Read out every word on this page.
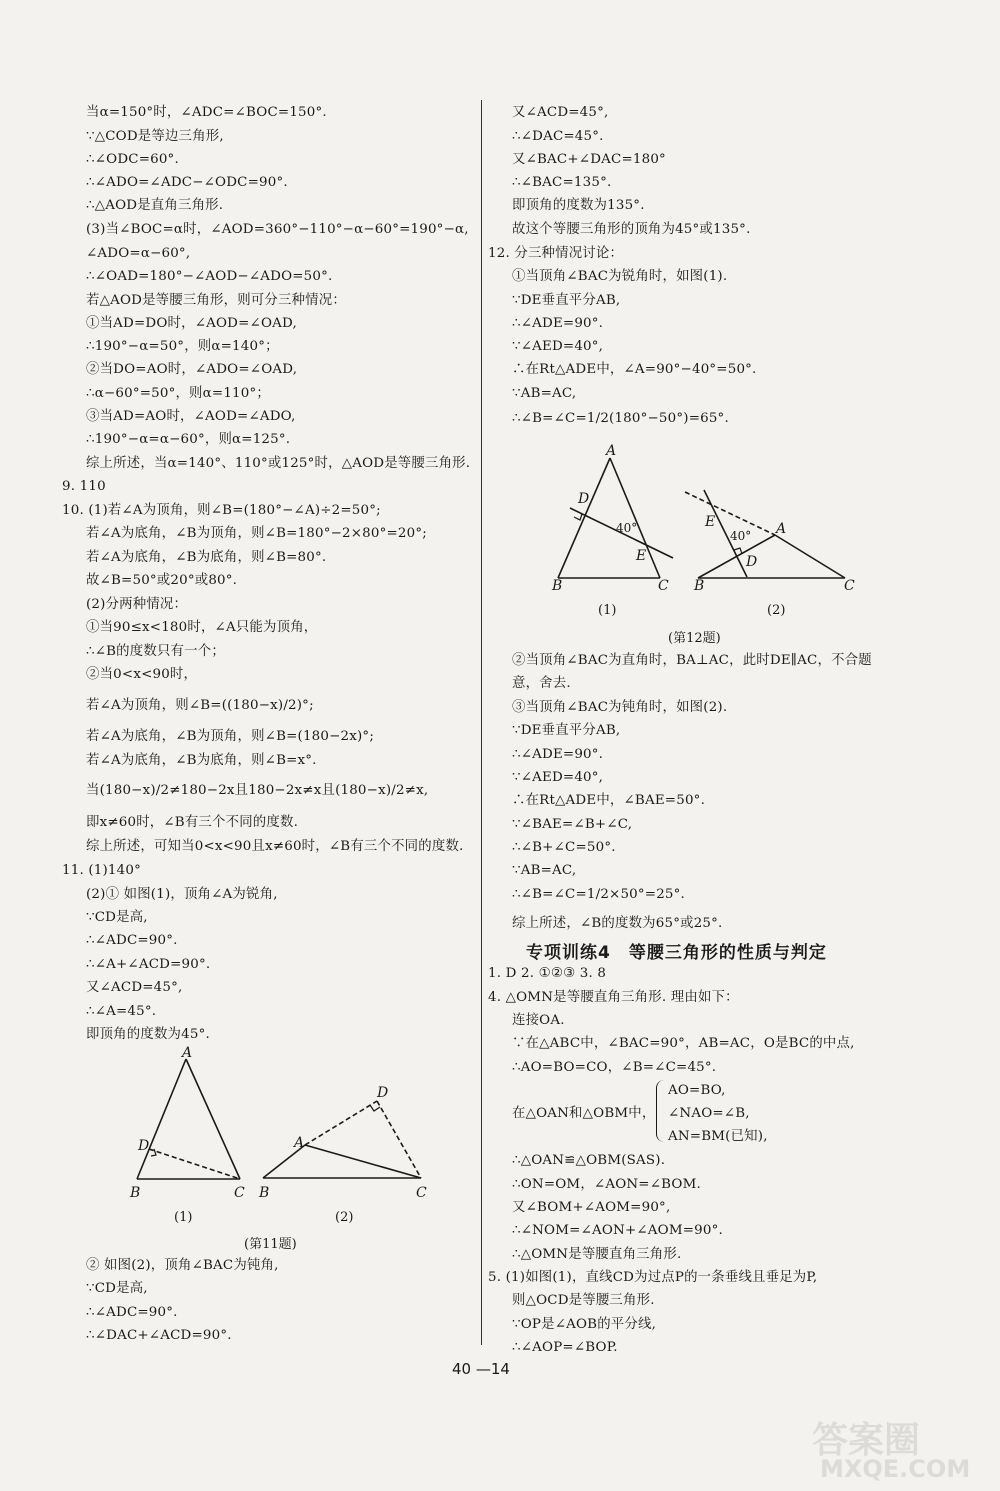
当α=150°时，∠ADC=∠BOC=150°.
∵△COD是等边三角形,
∴∠ODC=60°.
∴∠ADO=∠ADC−∠ODC=90°.
∴△AOD是直角三角形.
(3)当∠BOC=α时，∠AOD=360°−110°−α−60°=190°−α,
∠ADO=α−60°,
∴∠OAD=180°−∠AOD−∠ADO=50°.
若△AOD是等腰三角形，则可分三种情况：
①当AD=DO时，∠AOD=∠OAD,
∴190°−α=50°，则α=140°；
②当DO=AO时，∠ADO=∠OAD,
∴α−60°=50°，则α=110°；
③当AD=AO时，∠AOD=∠ADO,
∴190°−α=α−60°，则α=125°.
综上所述，当α=140°、110°或125°时，△AOD是等腰三角形.
9. 110
10. (1)若∠A为顶角，则∠B=(180°−∠A)÷2=50°;
若∠A为底角，∠B为顶角，则∠B=180°−2×80°=20°;
若∠A为底角，∠B为底角，则∠B=80°.
故∠B=50°或20°或80°.
(2)分两种情况：
①当90≤x<180时，∠A只能为顶角，
∴∠B的度数只有一个；
②当0<x<90时，
若∠A为顶角，则∠B=((180−x)/2)°;
若∠A为底角，∠B为顶角，则∠B=(180−2x)°;
若∠A为底角，∠B为底角，则∠B=x°.
当(180−x)/2≠180−2x且180−2x≠x且(180−x)/2≠x,
即x≠60时，∠B有三个不同的度数.
综上所述，可知当0<x<90且x≠60时，∠B有三个不同的度数.
11. (1)140°
(2)① 如图(1)，顶角∠A为锐角,
∵CD是高,
∴∠ADC=90°.
∴∠A+∠ACD=90°.
又∠ACD=45°,
∴∠A=45°.
即顶角的度数为45°.
② 如图(2)，顶角∠BAC为钝角,
∵CD是高,
∴∠ADC=90°.
∴∠DAC+∠ACD=90°.
A
D
B	C
A
D
B	C
(1)	(2)
(第11题)
又∠ACD=45°,
∴∠DAC=45°.
又∠BAC+∠DAC=180°
∴∠BAC=135°.
即顶角的度数为135°.
故这个等腰三角形的顶角为45°或135°.
12. 分三种情况讨论：
①当顶角∠BAC为锐角时，如图(1).
∵DE垂直平分AB,
∴∠ADE=90°.
∵∠AED=40°,
∴在Rt△ADE中，∠A=90°−40°=50°.
∵AB=AC,
∴∠B=∠C=1/2(180°−50°)=65°.
A
D
40°
E
B	C
A
E
40°
D
B	C
(1)	(2)
(第12题)
②当顶角∠BAC为直角时，BA⊥AC，此时DE∥AC，不合题
意，舍去.
③当顶角∠BAC为钝角时，如图(2).
∵DE垂直平分AB,
∴∠ADE=90°.
∵∠AED=40°,
∴在Rt△ADE中，∠BAE=50°.
∵∠BAE=∠B+∠C,
∴∠B+∠C=50°.
∵AB=AC,
∴∠B=∠C=1/2×50°=25°.
综上所述，∠B的度数为65°或25°.
专项训练4　等腰三角形的性质与判定
1. D 2. ①②③ 3. 8
4. △OMN是等腰直角三角形. 理由如下：
连接OA.
∵在△ABC中，∠BAC=90°，AB=AC，O是BC的中点,
∴AO=BO=CO，∠B=∠C=45°.
在△OAN和△OBM中，
AO=BO,
∠NAO=∠B,
AN=BM(已知),
∴△OAN≌△OBM(SAS).
∴ON=OM，∠AON=∠BOM.
又∠BOM+∠AOM=90°,
∴∠NOM=∠AON+∠AOM=90°.
∴△OMN是等腰直角三角形.
5. (1)如图(1)，直线CD为过点P的一条垂线且垂足为P,
则△OCD是等腰三角形.
∵OP是∠AOB的平分线,
∴∠AOP=∠BOP.
40 —14
答案圈
MXQE.COM
